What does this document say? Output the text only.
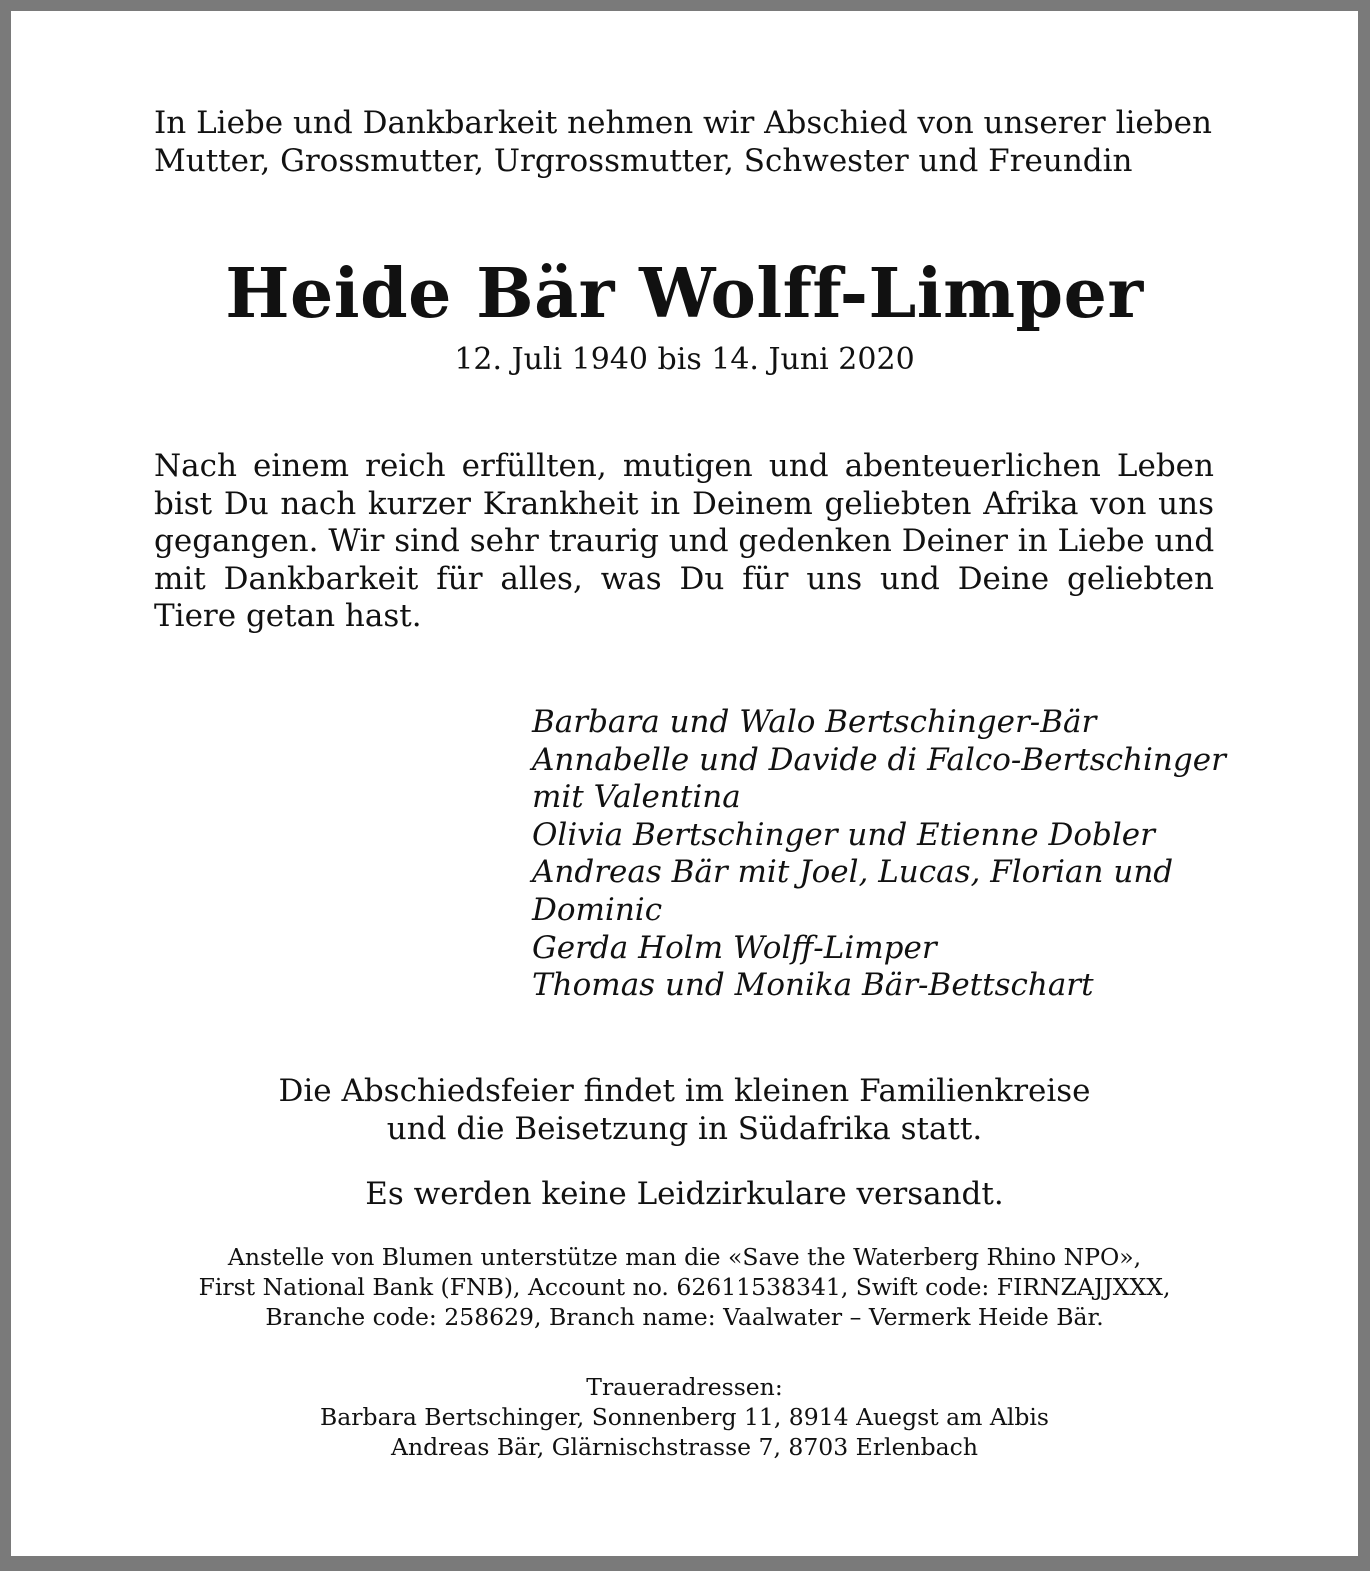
In Liebe und Dankbarkeit nehmen wir Abschied von unserer lieben
Mutter, Grossmutter, Urgrossmutter, Schwester und Freundin
Heide Bär Wolff-Limper
12. Juli 1940 bis 14. Juni 2020
Nach einem reich erfüllten, mutigen und abenteuerlichen Leben
bist Du nach kurzer Krankheit in Deinem geliebten Afrika von uns
gegangen. Wir sind sehr traurig und gedenken Deiner in Liebe und
mit Dankbarkeit für alles, was Du für uns und Deine geliebten
Tiere getan hast.
Barbara und Walo Bertschinger-Bär
Annabelle und Davide di Falco-Bertschinger
mit Valentina
Olivia Bertschinger und Etienne Dobler
Andreas Bär mit Joel, Lucas, Florian und
Dominic
Gerda Holm Wolff-Limper
Thomas und Monika Bär-Bettschart
Die Abschiedsfeier findet im kleinen Familienkreise
und die Beisetzung in Südafrika statt.
Es werden keine Leidzirkulare versandt.
Anstelle von Blumen unterstütze man die «Save the Waterberg Rhino NPO»,
First National Bank (FNB), Account no. 62611538341, Swift code: FIRNZAJJXXX,
Branche code: 258629, Branch name: Vaalwater – Vermerk Heide Bär.
Traueradressen:
Barbara Bertschinger, Sonnenberg 11, 8914 Auegst am Albis
Andreas Bär, Glärnischstrasse 7, 8703 Erlenbach
